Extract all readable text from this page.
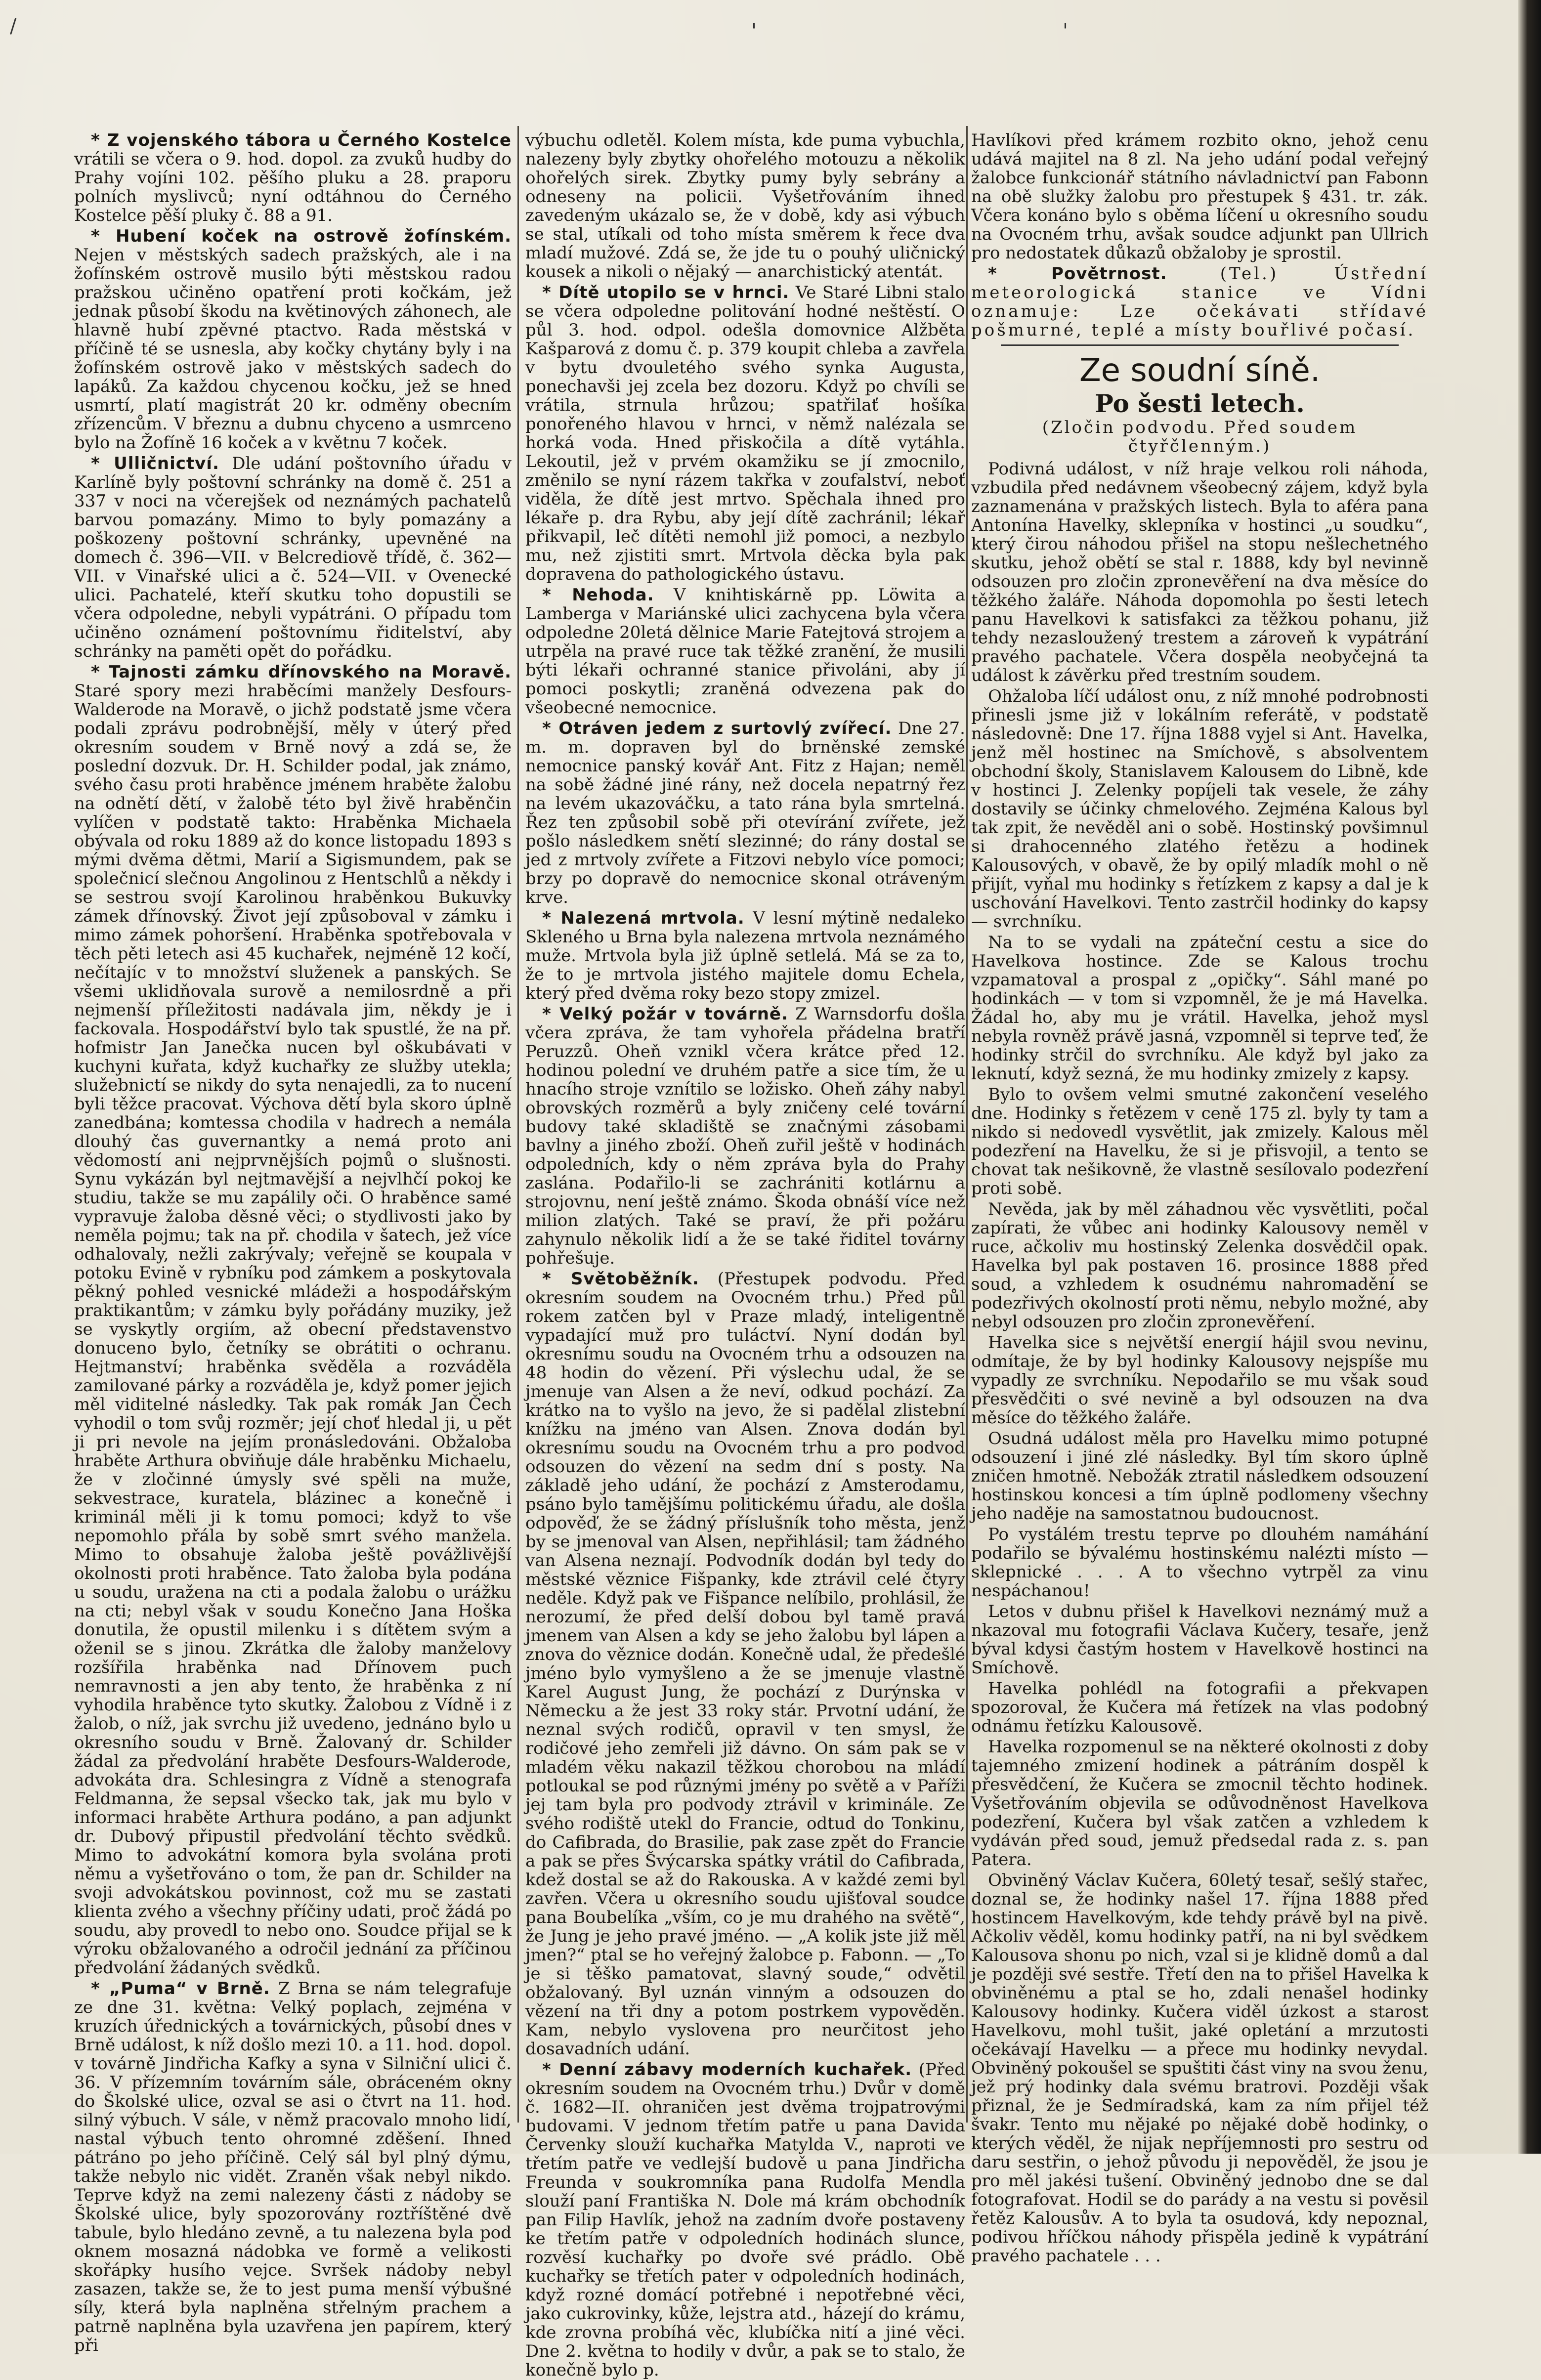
/	'	'

* Z vojenského tábora u Černého Kostelce vrátili se včera o 9. hod. dopol. za zvuků hudby do Prahy vojíni 102. pěšího pluku a 28. praporu polních myslivců; nyní odtáhnou do Černého Kostelce pěší pluky č. 88 a 91.

* Hubení koček na ostrově žofínském. Nejen v městských sadech pražských, ale i na žofínském ostrově musilo býti městskou radou pražskou učiněno opatření proti kočkám, jež jednak působí škodu na květinových záhonech, ale hlavně hubí zpěvné ptactvo. Rada městská v příčině té se usnesla, aby kočky chytány byly i na žofínském ostrově jako v městských sadech do lapáků. Za každou chycenou kočku, jež se hned usmrtí, platí magistrát 20 kr. odměny obecním zřízencům. V březnu a dubnu chyceno a usmrceno bylo na Žofíně 16 koček a v květnu 7 koček.

* Ulličnictví. Dle udání poštovního úřadu v Karlíně byly poštovní schránky na domě č. 251 a 337 v noci na včerejšek od neznámých pachatelů barvou pomazány. Mimo to byly pomazány a poškozeny poštovní schránky, upevněné na domech č. 396—VII. v Belcrediově třídě, č. 362—VII. v Vinařské ulici a č. 524—VII. v Ovenecké ulici. Pachatelé, kteří skutku toho dopustili se včera odpoledne, nebyli vypátráni. O případu tom učiněno oznámení poštovnímu řiditelství, aby schránky na paměti opět do pořádku.

* Tajnosti zámku dřínovského na Moravě. Staré spory mezi hraběcími manžely Desfours-Walderode na Moravě, o jichž podstatě jsme včera podali zprávu podrobnější, měly v úterý před okresním soudem v Brně nový a zdá se, že poslední dozvuk. Dr. H. Schilder podal, jak známo, svého času proti hraběnce jménem hraběte žalobu na odnětí dětí, v žalobě této byl živě hraběnčin vylíčen v podstatě takto: Hraběnka Michaela obývala od roku 1889 až do konce listopadu 1893 s mými dvěma dětmi, Marií a Sigismundem, pak se společnicí slečnou Angolinou z Hentschlů a někdy i se sestrou svojí Karolinou hraběnkou Bukuvky zámek dřínovský. Život její způsoboval v zámku i mimo zámek pohoršení. Hraběnka spotřebovala v těch pěti letech asi 45 kuchařek, nejméně 12 kočí, nečítajíc v to množství služenek a panských. Se všemi uklidňovala surově a nemilosrdně a při nejmenší příležitosti nadávala jim, někdy je i fackovala. Hospodářství bylo tak spustlé, že na př. hofmistr Jan Janečka nucen byl oškubávati v kuchyni kuřata, když kuchařky ze služby utekla; služebnictí se nikdy do syta nenajedli, za to nucení byli těžce pracovat. Výchova dětí byla skoro úplně zanedbána; komtessa chodila v hadrech a nemála dlouhý čas guvernantky a nemá proto ani vědomostí ani nejprvnějších pojmů o slušnosti. Synu vykázán byl nejtmavější a nejvlhčí pokoj ke studiu, takže se mu zapálily oči. O hraběnce samé vypravuje žaloba děsné věci; o stydlivosti jako by neměla pojmu; tak na př. chodila v šatech, jež více odhalovaly, nežli zakrývaly; veřejně se koupala v potoku Evině v rybníku pod zámkem a poskytovala pěkný pohled vesnické mládeži a hospodářským praktikantům; v zámku byly pořádány muziky, jež se vyskytly orgiím, až obecní představenstvo donuceno bylo, četníky se obrátiti o ochranu. Hejtmanství; hraběnka svěděla a rozváděla zamilované párky a rozváděla je, když pomer jejich měl viditelné následky. Tak pak romák Jan Čech vyhodil o tom svůj rozměr; její choť hledal ji, u pět ji pri nevole na jejím pronásledováni. Obžaloba hraběte Arthura obviňuje dále hraběnku Michaelu, že v zločinné úmysly své spěli na muže, sekvestrace, kuratela, blázinec a konečně i kriminál měli ji k tomu pomoci; když to vše nepomohlo přála by sobě smrt svého manžela. Mimo to obsahuje žaloba ještě povážlivější okolnosti proti hraběnce. Tato žaloba byla podána u soudu, uražena na cti a podala žalobu o urážku na cti; nebyl však v soudu Konečno Jana Hoška donutila, že opustil milenku i s dítětem svým a oženil se s jinou. Zkrátka dle žaloby manželovy rozšířila hraběnka nad Dřínovem puch nemravnosti a jen aby tento, že hraběnka z ní vyhodila hraběnce tyto skutky. Žalobou z Vídně i z žalob, o níž, jak svrchu již uvedeno, jednáno bylo u okresního soudu v Brně. Žalovaný dr. Schilder žádal za předvolání hraběte Desfours-Walderode, advokáta dra. Schlesingra z Vídně a stenografa Feldmanna, že sepsal všecko tak, jak mu bylo v informaci hraběte Arthura podáno, a pan adjunkt dr. Dubový připustil předvolání těchto svědků. Mimo to advokátní komora byla svolána proti němu a vyšetřováno o tom, že pan dr. Schilder na svoji advokátskou povinnost, což mu se zastati klienta zvého a všechny příčiny udati, proč žádá po soudu, aby provedl to nebo ono. Soudce přijal se k výroku obžalovaného a odročil jednání za příčinou předvolání žádaných svědků.

* „Puma“ v Brně. Z Brna se nám telegrafuje ze dne 31. května: Velký poplach, zejména v kruzích úřednických a továrnických, působí dnes v Brně událost, k níž došlo mezi 10. a 11. hod. dopol. v továrně Jindřicha Kafky a syna v Silniční ulici č. 36. V přízemním továrním sále, obráceném okny do Školské ulice, ozval se asi o čtvrt na 11. hod. silný výbuch. V sále, v němž pracovalo mnoho lidí, nastal výbuch tento ohromné zděšení. Ihned pátráno po jeho příčině. Celý sál byl plný dýmu, takže nebylo nic vidět. Zraněn však nebyl nikdo. Teprve když na zemi nalezeny části z nádoby se Školské ulice, byly spozorovány roztříštěné dvě tabule, bylo hledáno zevně, a tu nalezena byla pod oknem mosazná nádobka ve formě a velikosti skořápky husího vejce. Svršek nádoby nebyl zasazen, takže se, že to jest puma menší výbušné síly, která byla naplněna střelným prachem a patrně naplněna byla uzavřena jen papírem, který při

výbuchu odletěl. Kolem místa, kde puma vybuchla, nalezeny byly zbytky ohořelého motouzu a několik ohořelých sirek. Zbytky pumy byly sebrány a odneseny na policii. Vyšetřováním ihned zavedeným ukázalo se, že v době, kdy asi výbuch se stal, utíkali od toho místa směrem k řece dva mladí mužové. Zdá se, že jde tu o pouhý uličnický kousek a nikoli o nějaký — anarchistický atentát.

* Dítě utopilo se v hrnci. Ve Staré Libni stalo se včera odpoledne politování hodné neštěstí. O půl 3. hod. odpol. odešla domovnice Alžběta Kašparová z domu č. p. 379 koupit chleba a zavřela v bytu dvouletého svého synka Augusta, ponechavši jej zcela bez dozoru. Když po chvíli se vrátila, strnula hrůzou; spatřilať hošíka ponořeného hlavou v hrnci, v němž nalézala se horká voda. Hned přiskočila a dítě vytáhla. Lekoutil, jež v prvém okamžiku se jí zmocnilo, změnilo se nyní rázem takřka v zoufalství, neboť viděla, že dítě jest mrtvo. Spěchala ihned pro lékaře p. dra Rybu, aby její dítě zachránil; lékař přikvapil, leč dítěti nemohl již pomoci, a nezbylo mu, než zjistiti smrt. Mrtvola děcka byla pak dopravena do pathologického ústavu.

* Nehoda. V knihtiskárně pp. Löwita a Lamberga v Mariánské ulici zachycena byla včera odpoledne 20letá dělnice Marie Fatejtová strojem a utrpěla na pravé ruce tak těžké zranění, že musili býti lékaři ochranné stanice přivoláni, aby jí pomoci poskytli; zraněná odvezena pak do všeobecné nemocnice.

* Otráven jedem z surtovlý zvířecí. Dne 27. m. m. dopraven byl do brněnské zemské nemocnice panský kovář Ant. Fitz z Hajan; neměl na sobě žádné jiné rány, než docela nepatrný řez na levém ukazováčku, a tato rána byla smrtelná. Řez ten způsobil sobě při otevírání zvířete, jež pošlo následkem snětí slezinné; do rány dostal se jed z mrtvoly zvířete a Fitzovi nebylo více pomoci; brzy po dopravě do nemocnice skonal otráveným krve.

* Nalezená mrtvola. V lesní mýtině nedaleko Skleného u Brna byla nalezena mrtvola neznámého muže. Mrtvola byla již úplně setlelá. Má se za to, že to je mrtvola jistého majitele domu Echela, který před dvěma roky bezo stopy zmizel.

* Velký požár v továrně. Z Warnsdorfu došla včera zpráva, že tam vyhořela přádelna bratří Peruzzů. Oheň vznikl včera krátce před 12. hodinou polední ve druhém patře a sice tím, že u hnacího stroje vznítilo se ložisko. Oheň záhy nabyl obrovských rozměrů a byly zničeny celé tovární budovy také skladiště se značnými zásobami bavlny a jiného zboží. Oheň zuřil ještě v hodinách odpoledních, kdy o něm zpráva byla do Prahy zaslána. Podařilo-li se zachrániti kotlárnu a strojovnu, není ještě známo. Škoda obnáší více než milion zlatých. Také se praví, že při požáru zahynulo několik lidí a že se také řiditel továrny pohřešuje.

* Světoběžník. (Přestupek podvodu. Před okresním soudem na Ovocném trhu.) Před půl rokem zatčen byl v Praze mladý, inteligentně vypadající muž pro tuláctví. Nyní dodán byl okresnímu soudu na Ovocném trhu a odsouzen na 48 hodin do vězení. Při výslechu udal, že se jmenuje van Alsen a že neví, odkud pochází. Za krátko na to vyšlo na jevo, že si padělal zlistební knížku na jméno van Alsen. Znova dodán byl okresnímu soudu na Ovocném trhu a pro podvod odsouzen do vězení na sedm dní s posty. Na základě jeho udání, že pochází z Amsterodamu, psáno bylo tamějšímu politickému úřadu, ale došla odpověď, že se žádný příslušník toho města, jenž by se jmenoval van Alsen, nepřihlásil; tam žádného van Alsena neznají. Podvodník dodán byl tedy do městské věznice Fišpanky, kde ztrávil celé čtyry neděle. Když pak ve Fišpance nelíbilo, prohlásil, že nerozumí, že před delší dobou byl tamě pravá jmenem van Alsen a kdy se jeho žalobu byl lápen a znova do věznice dodán. Konečně udal, že předešlé jméno bylo vymyšleno a že se jmenuje vlastně Karel August Jung, že pochází z Durýnska v Německu a že jest 33 roky stár. Prvotní udání, že neznal svých rodičů, opravil v ten smysl, že rodičové jeho zemřeli již dávno. On sám pak se v mladém věku nakazil těžkou chorobou na mládí potloukal se pod různými jmény po světě a v Paříži jej tam byla pro podvody ztrávil v kriminále. Ze svého rodiště utekl do Francie, odtud do Tonkinu, do Cafibrada, do Brasilie, pak zase zpět do Francie a pak se přes Švýcarska spátky vrátil do Cafibrada, kdež dostal se až do Rakouska. A v každé zemi byl zavřen. Včera u okresního soudu ujišťoval soudce pana Boubelíka „vším, co je mu drahého na světě“, že Jung je jeho pravé jméno. — „A kolik jste již měl jmen?“ ptal se ho veřejný žalobce p. Fabonn. — „To je si těško pamatovat, slavný soude,“ odvětil obžalovaný. Byl uznán vinným a odsouzen do vězení na tři dny a potom postrkem vypověděn. Kam, nebylo vyslovena pro neurčitost jeho dosavadních udání.

* Denní zábavy moderních kuchařek. (Před okresním soudem na Ovocném trhu.) Dvůr v domě č. 1682—II. ohraničen jest dvěma trojpatrovými budovami. V jednom třetím patře u pana Davida Červenky slouží kuchařka Matylda V., naproti ve třetím patře ve vedlejší budově u pana Jindřicha Freunda v soukromníka pana Rudolfa Mendla slouží paní Františka N. Dole má krám obchodník pan Filip Havlík, jehož na zadním dvoře postaveny ke třetím patře v odpoledních hodinách slunce, rozvěsí kuchařky po dvoře své prádlo. Obě kuchařky se třetích pater v odpoledních hodinách, když rozné domácí potřebné i nepotřebné věci, jako cukrovinky, kůže, lejstra atd., házejí do krámu, kde zrovna probíhá věc, klubíčka nití a jiné věci. Dne 2. května to hodily v dvůr, a pak se to stalo, že konečně bylo p.

Havlíkovi před krámem rozbito okno, jehož cenu udává majitel na 8 zl. Na jeho udání podal veřejný žalobce funkcionář státního návladnictví pan Fabonn na obě služky žalobu pro přestupek § 431. tr. zák. Včera konáno bylo s oběma líčení u okresního soudu na Ovocném trhu, avšak soudce adjunkt pan Ullrich pro nedostatek důkazů obžaloby je sprostil.

* Povětrnost.	(Tel.) Ústřední meteorologická stanice ve Vídni oznamuje: Lze očekávati střídavé pošmurné, teplé a místy bouřlivé počasí.

Ze soudní síně.
Po šesti letech.
(Zločin podvodu. Před soudem čtyřčlenným.)

Podivná událost, v níž hraje velkou roli náhoda, vzbudila před nedávnem všeobecný zájem, když byla zaznamenána v pražských listech. Byla to aféra pana Antonína Havelky, sklepníka v hostinci „u soudku“, který čirou náhodou přišel na stopu nešlechetného skutku, jehož obětí se stal r. 1888, kdy byl nevinně odsouzen pro zločin zpronevěření na dva měsíce do těžkého žaláře. Náhoda dopomohla po šesti letech panu Havelkovi k satisfakci za těžkou pohanu, již tehdy nezasloužený trestem a zároveň k vypátrání pravého pachatele. Včera dospěla neobyčejná ta událost k závěrku před trestním soudem.

Ohžaloba líčí událost onu, z níž mnohé podrobnosti přinesli jsme již v lokálním referátě, v podstatě následovně: Dne 17. října 1888 vyjel si Ant. Havelka, jenž měl hostinec na Smíchově, s absolventem obchodní školy, Stanislavem Kalousem do Libně, kde v hostinci J. Zelenky popíjeli tak vesele, že záhy dostavily se účinky chmelového. Zejména Kalous byl tak zpit, že nevěděl ani o sobě. Hostinský povšimnul si drahocenného zlatého řetězu a hodinek Kalousových, v obavě, že by opilý mladík mohl o ně přijít, vyňal mu hodinky s řetízkem z kapsy a dal je k uschování Havelkovi. Tento zastrčil hodinky do kapsy — svrchníku.

Na to se vydali na zpáteční cestu a sice do Havelkova hostince. Zde se Kalous trochu vzpamatoval a prospal z „opičky“. Sáhl mané po hodinkách — v tom si vzpomněl, že je má Havelka. Žádal ho, aby mu je vrátil. Havelka, jehož mysl nebyla rovněž právě jasná, vzpomněl si teprve teď, že hodinky strčil do svrchníku. Ale když byl jako za leknutí, když sezná, že mu hodinky zmizely z kapsy.

Bylo to ovšem velmi smutné zakončení veselého dne. Hodinky s řetězem v ceně 175 zl. byly ty tam a nikdo si nedovedl vysvětlit, jak zmizely. Kalous měl podezření na Havelku, že si je přisvojil, a tento se chovat tak nešikovně, že vlastně sesílovalo podezření proti sobě.

Nevěda, jak by měl záhadnou věc vysvětliti, počal zapírati, že vůbec ani hodinky Kalousovy neměl v ruce, ačkoliv mu hostinský Zelenka dosvědčil opak. Havelka byl pak postaven 16. prosince 1888 před soud, a vzhledem k osudnému nahromadění se podezřivých okolností proti němu, nebylo možné, aby nebyl odsouzen pro zločin zpronevěření.

Havelka sice s největší energií hájil svou nevinu, odmítaje, že by byl hodinky Kalousovy nejspíše mu vypadly ze svrchníku. Nepodařilo se mu však soud přesvědčiti o své nevině a byl odsouzen na dva měsíce do těžkého žaláře.

Osudná událost měla pro Havelku mimo potupné odsouzení i jiné zlé následky. Byl tím skoro úplně zničen hmotně. Nebožák ztratil následkem odsouzení hostinskou koncesi a tím úplně podlomeny všechny jeho naděje na samostatnou budoucnost.

Po vystálém trestu teprve po dlouhém namáhání podařilo se bývalému hostinskému nalézti místo — sklepnické . . . A to všechno vytrpěl za vinu nespáchanou!

Letos v dubnu přišel k Havelkovi neznámý muž a nkazoval mu fotografii Václava Kučery, tesaře, jenž býval kdysi častým hostem v Havelkově hostinci na Smíchově.

Havelka pohlédl na fotografii a překvapen spozoroval, že Kučera má řetízek na vlas podobný odnámu řetízku Kalousově.

Havelka rozpomenul se na některé okolnosti z doby tajemného zmizení hodinek a pátráním dospěl k přesvědčení, že Kučera se zmocnil těchto hodinek. Vyšetřováním objevila se odůvodněnost Havelkova podezření, Kučera byl však zatčen a vzhledem k vydáván před soud, jemuž předsedal rada z. s. pan Paterа.

Obviněný Václav Kučera, 60letý tesař, sešlý stařec, doznal se, že hodinky našel 17. října 1888 před hostincem Havelkovým, kde tehdy právě byl na pivě. Ačkoliv věděl, komu hodinky patří, na ni byl svědkem Kalousova shonu po nich, vzal si je klidně domů a dal je později své sestře. Třetí den na to přišel Havelka k obviněnému a ptal se ho, zdali nenašel hodinky Kalousovy hodinky. Kučera viděl úzkost a starost Havelkovu, mohl tušit, jaké opletání a mrzutosti očekávají Havelku — a přece mu hodinky nevydal. Obviněný pokoušel se spuštiti část viny na svou ženu, jež prý hodinky dala svému bratrovi. Později však přiznal, že je Sedmíradská, kam za ním přijel též švakr. Tento mu nějaké po nějaké době hodinky, o kterých věděl, že nijak nepříjemnosti pro sestru od daru sestřin, o jehož původu ji nepověděl, že jsou je pro měl jakési tušení. Obviněný jednobo dne se dal fotografovat. Hodil se do parády a na vestu si pověsil řetěz Kalousův. A to byla ta osudová, kdy nepoznal, podivou hříčkou náhody přispěla jedině k vypátrání pravého pachatele . . .
